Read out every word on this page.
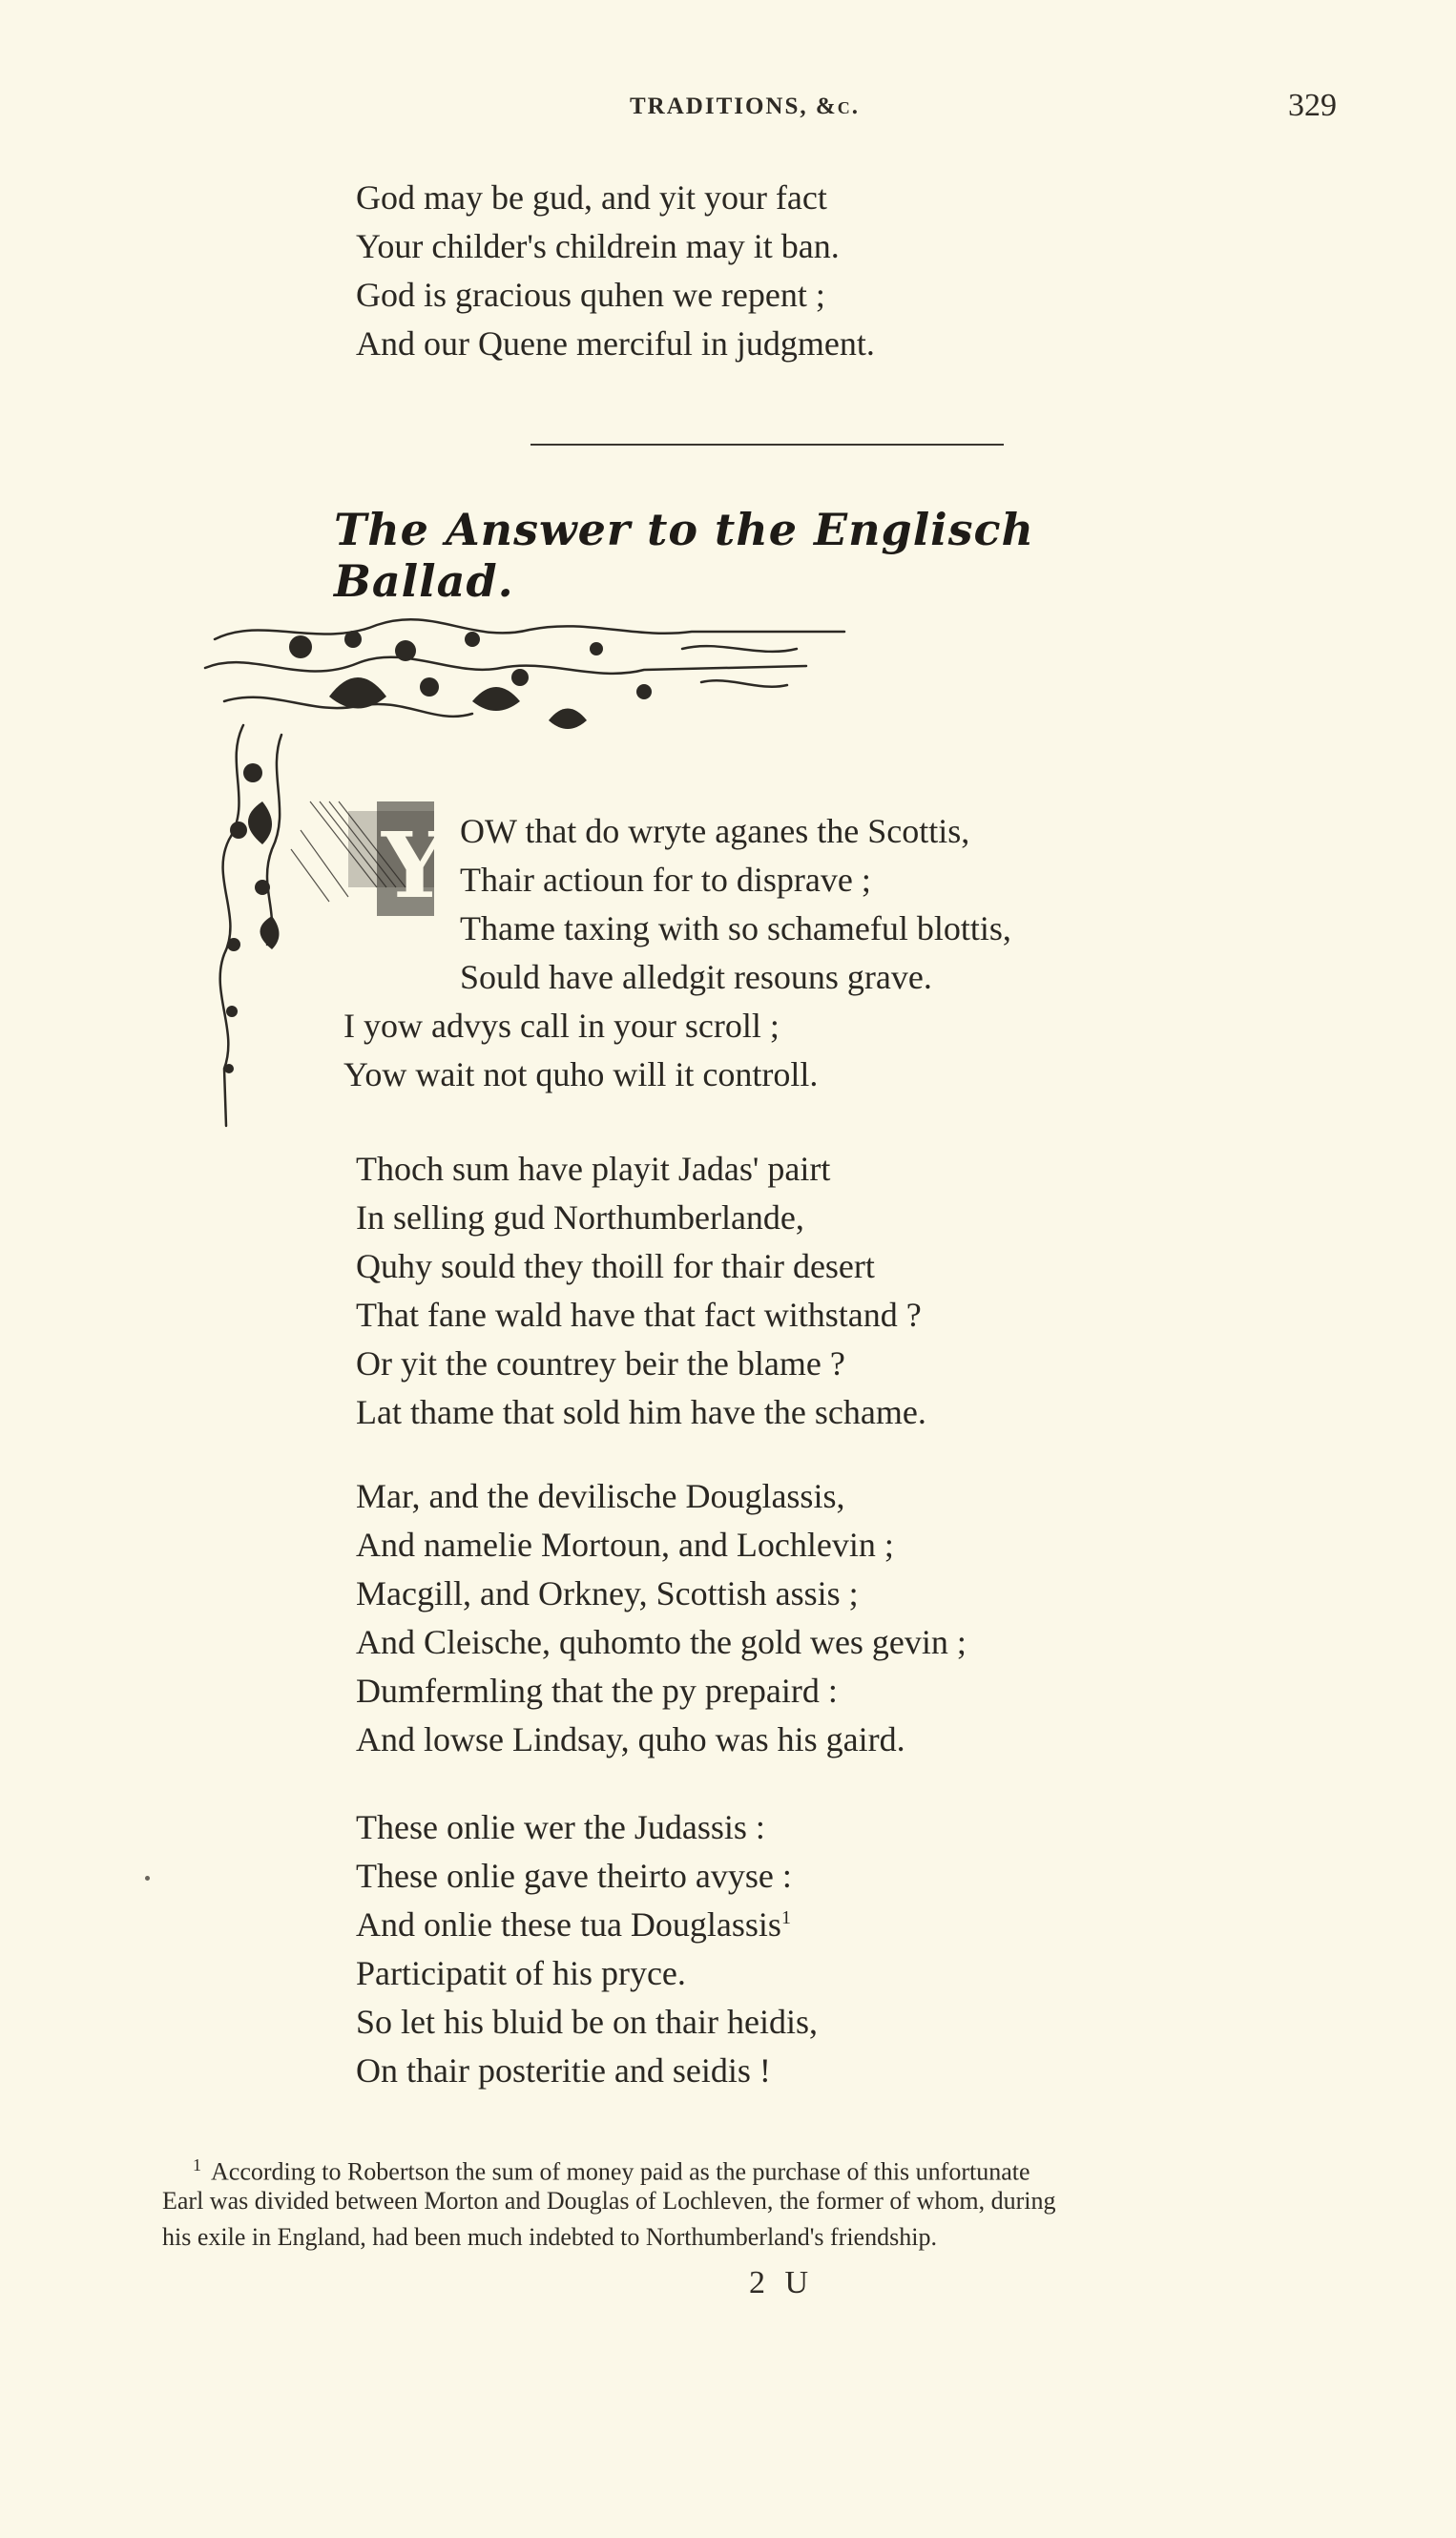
TRADITIONS, &c.	329
God may be gud, and yit your fact
Your childer's childrein may it ban.
God is gracious quhen we repent ;
And our Quene merciful in judgment.
The Answer to the Englisch Ballad.
Y OW that do wryte aganes the Scottis,
Thair actioun for to disprave ;
Thame taxing with so schameful blottis,
Sould have alledgit resouns grave.
I yow advys call in your scroll ;
Yow wait not quho will it controll.
Thoch sum have playit Jadas' pairt
In selling gud Northumberlande,
Quhy sould they thoill for thair desert
That fane wald have that fact withstand ?
Or yit the countrey beir the blame ?
Lat thame that sold him have the schame.
Mar, and the devilische Douglassis,
And namelie Mortoun, and Lochlevin ;
Macgill, and Orkney, Scottish assis ;
And Cleische, quhomto the gold wes gevin ;
Dumfermling that the py prepaird :
And lowse Lindsay, quho was his gaird.
These onlie wer the Judassis :
These onlie gave theirto avyse :
And onlie these tua Douglassis$^1$
Participatit of his pryce.
So let his bluid be on thair heidis,
On thair posteritie and seidis !
$^1$ According to Robertson the sum of money paid as the purchase of this unfortunate
Earl was divided between Morton and Douglas of Lochleven, the former of whom, during
his exile in England, had been much indebted to Northumberland's friendship.
2 U
